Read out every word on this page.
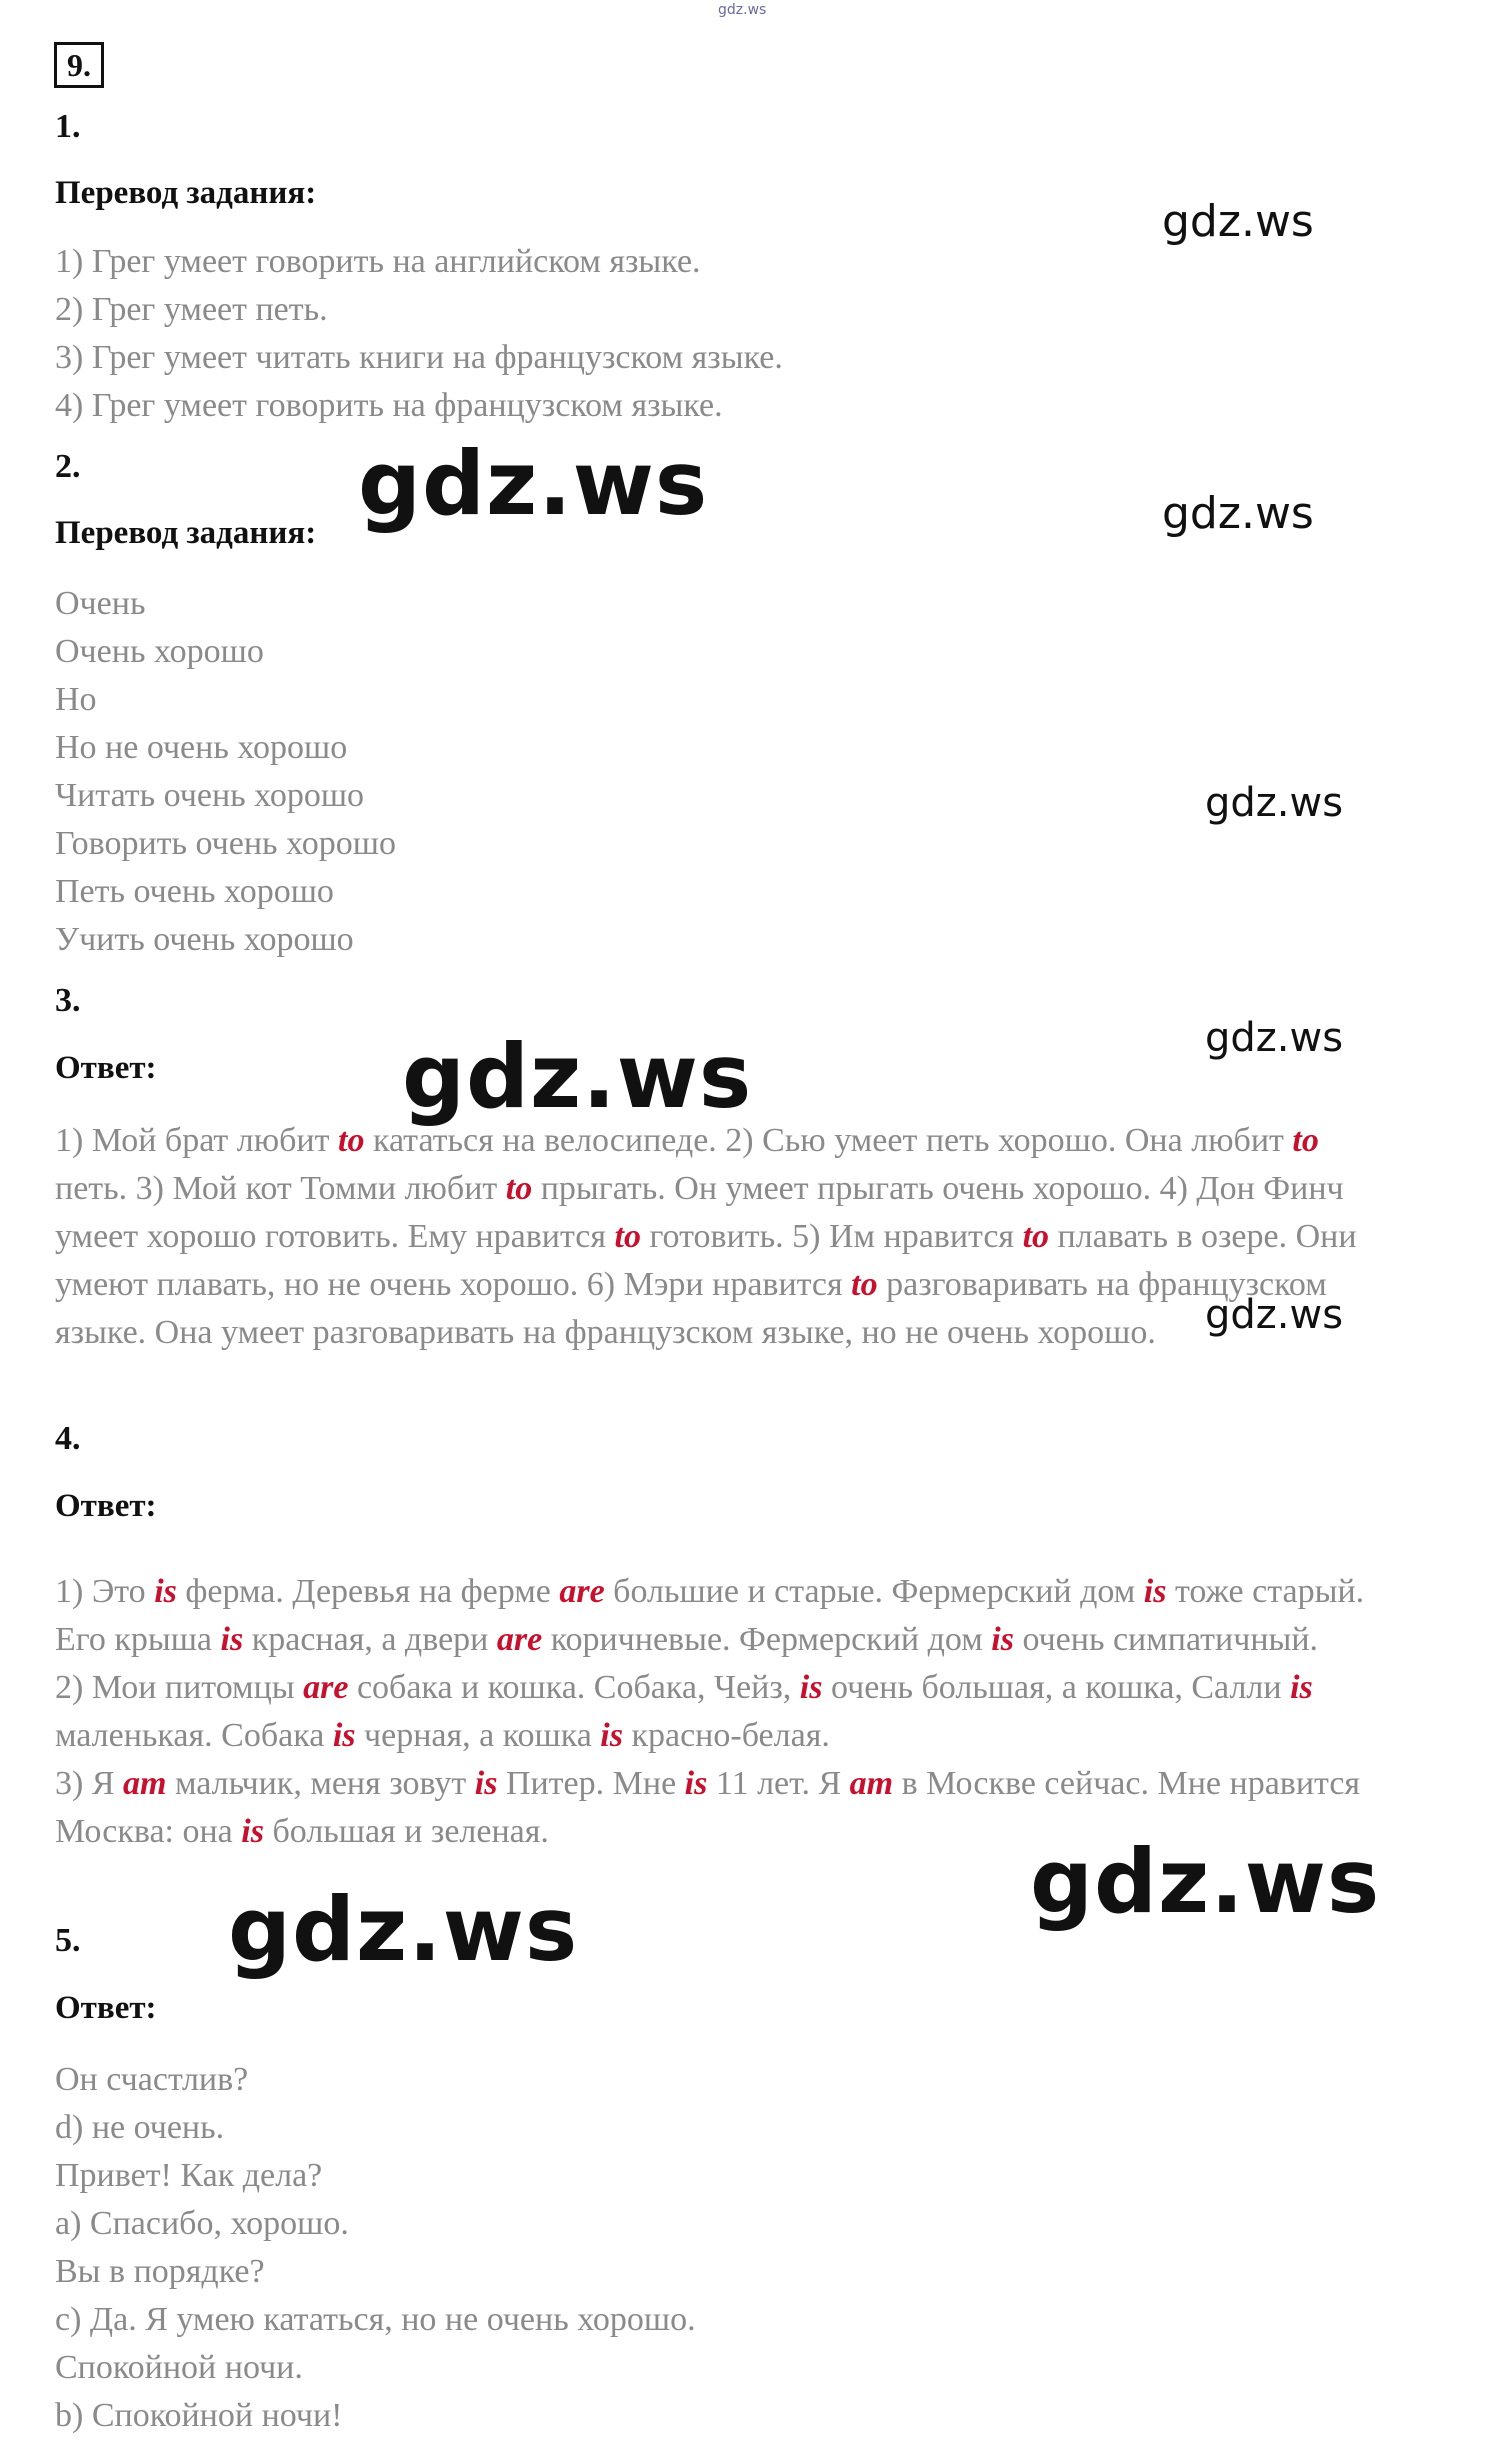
gdz.ws
9.
1.
Перевод задания:
1) Грег умеет говорить на английском языке.
2) Грег умеет петь.
3) Грег умеет читать книги на французском языке.
4) Грег умеет говорить на французском языке.
2.
Перевод задания:
Очень
Очень хорошо
Но
Но не очень хорошо
Читать очень хорошо
Говорить очень хорошо
Петь очень хорошо
Учить очень хорошо
3.
Ответ:
1) Мой брат любит to кататься на велосипеде. 2) Сью умеет петь хорошо. Она любит to петь. 3) Мой кот Томми любит to прыгать. Он умеет прыгать очень хорошо. 4) Дон Финч умеет хорошо готовить. Ему нравится to готовить. 5) Им нравится to плавать в озере. Они умеют плавать, но не очень хорошо. 6) Мэри нравится to разговаривать на французском языке. Она умеет разговаривать на французском языке, но не очень хорошо.
4.
Ответ:
1) Это is ферма. Деревья на ферме are большие и старые. Фермерский дом is тоже старый. Его крыша is красная, а двери are коричневые. Фермерский дом is очень симпатичный.
2) Мои питомцы are собака и кошка. Собака, Чейз, is очень большая, а кошка, Салли is маленькая. Собака is черная, а кошка is красно-белая.
3) Я am мальчик, меня зовут is Питер. Мне is 11 лет. Я am в Москве сейчас. Мне нравится Москва: она is большая и зеленая.
5.
Ответ:
Он счастлив?
d) не очень.
Привет! Как дела?
a) Спасибо, хорошо.
Вы в порядке?
c) Да. Я умею кататься, но не очень хорошо.
Спокойной ночи.
b) Спокойной ночи!
gdz.ws
gdz.ws	gdz.ws
gdz.ws
gdz.ws	gdz.ws
gdz.ws
gdz.ws
gdz.ws
